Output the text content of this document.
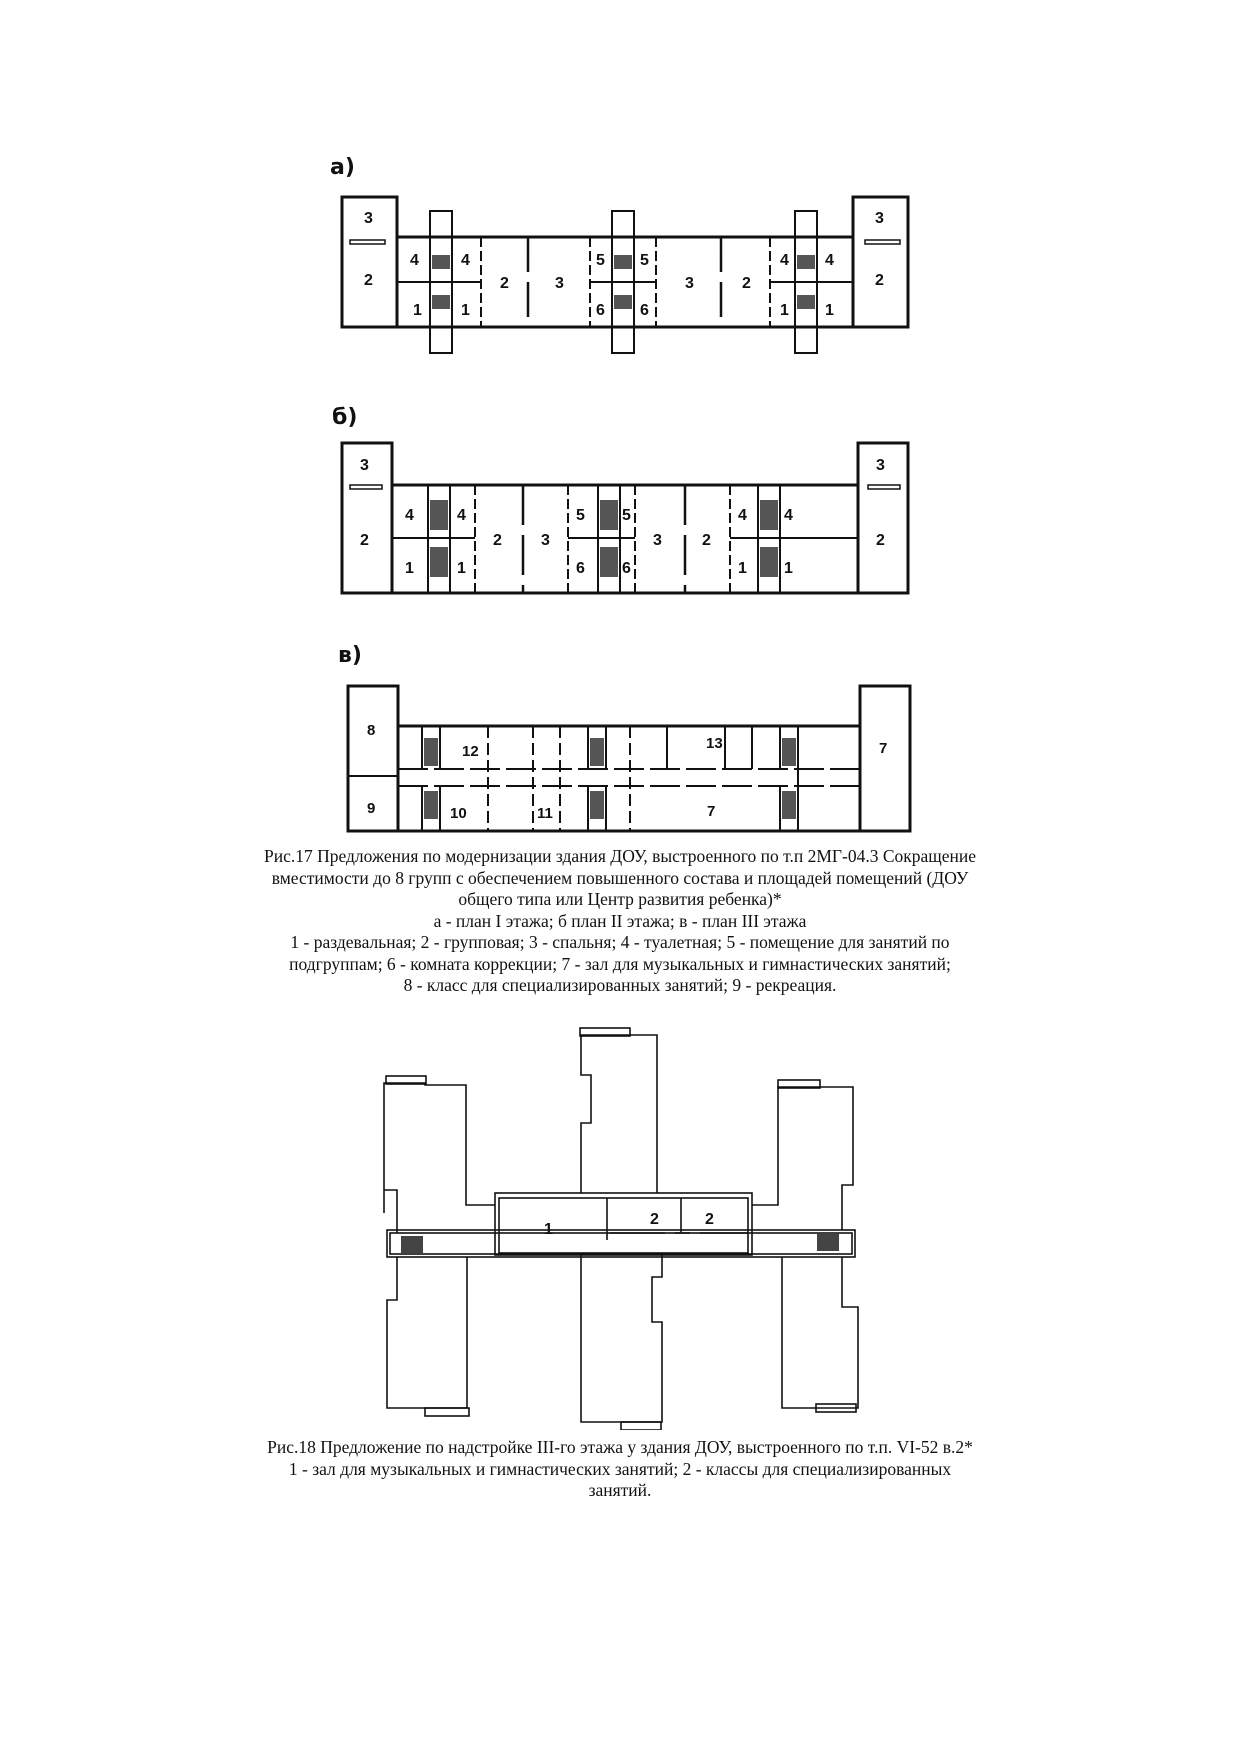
а)
3
2
4	4
1 1
2	3
5 5
6 6
3	2
4 4
1 1
3
2
б)
3
2
4	4
1	1
2 3
5 5
6 6
3	2
4 4
1 1
3
2
в)
8
9
12
10	11
13
7
7

Рис.17 Предложения по модернизации здания ДОУ, выстроенного по т.п 2МГ-04.3 Сокращение

вместимости до 8 групп с обеспечением повышенного состава и площадей помещений (ДОУ

общего типа или Центр развития ребенка)*

а - план I этажа; б план II этажа; в - план III этажа

1 - раздевальная; 2 - групповая; 3 - спальня; 4 - туалетная; 5 - помещение для занятий по

подгруппам; 6 - комната коррекции; 7 - зал для музыкальных и гимнастических занятий;

8 - класс для специализированных занятий; 9 - рекреация.

1
2	2

Рис.18 Предложение по надстройке III-го этажа у здания ДОУ, выстроенного по т.п. VI-52 в.2*

1 - зал для музыкальных и гимнастических занятий; 2 - классы для специализированных

занятий.
